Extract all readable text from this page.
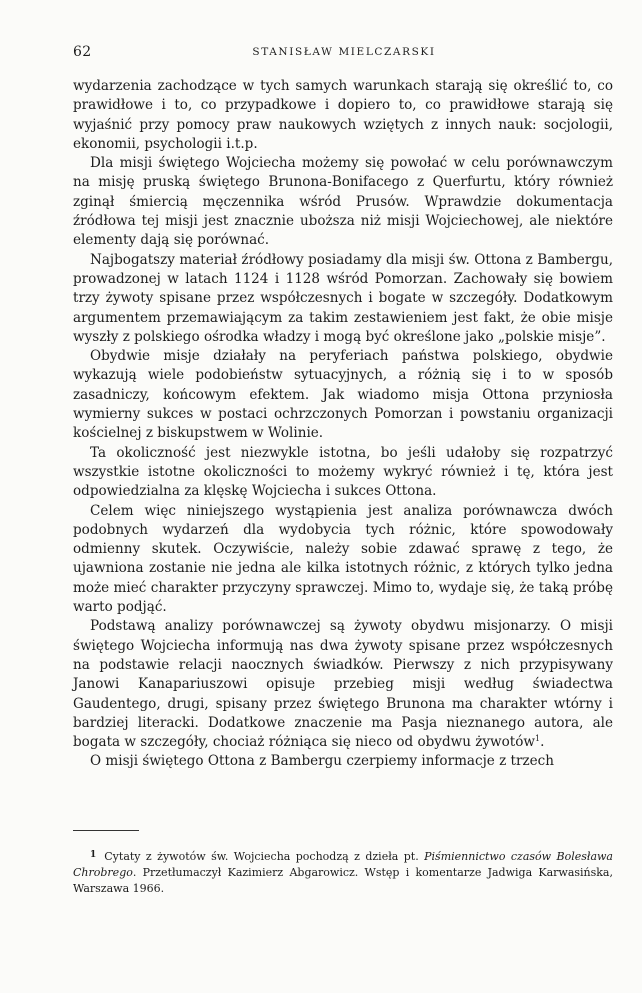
62	STANISŁAW MIELCZARSKI

wydarzenia zachodzące w tych samych warunkach starają się określić to, co prawidłowe i to, co przypadkowe i dopiero to, co prawidłowe starają się wyjaśnić przy pomocy praw naukowych wziętych z innych nauk: socjologii, ekonomii, psychologii i.t.p.

Dla misji świętego Wojciecha możemy się powołać w celu porównawczym na misję pruską świętego Brunona-Bonifacego z Querfurtu, który również zginął śmiercią męczennika wśród Prusów. Wprawdzie dokumentacja źródłowa tej misji jest znacznie uboższa niż misji Wojciechowej, ale niektóre elementy dają się porównać.

Najbogatszy materiał źródłowy posiadamy dla misji św. Ottona z Bambergu, prowadzonej w latach 1124 i 1128 wśród Pomorzan. Zachowały się bowiem trzy żywoty spisane przez współczesnych i bogate w szczegóły. Dodatkowym argumentem przemawiającym za takim zestawieniem jest fakt, że obie misje wyszły z polskiego ośrodka władzy i mogą być określone jako „polskie misje”.

Obydwie misje działały na peryferiach państwa polskiego, obydwie wykazują wiele podobieństw sytuacyjnych, a różnią się i to w sposób zasadniczy, końcowym efektem. Jak wiadomo misja Ottona przyniosła wymierny sukces w postaci ochrzczonych Pomorzan i powstaniu organizacji kościelnej z biskupstwem w Wolinie.

Ta okoliczność jest niezwykle istotna, bo jeśli udałoby się rozpatrzyć wszystkie istotne okoliczności to możemy wykryć również i tę, która jest odpowiedzialna za klęskę Wojciecha i sukces Ottona.

Celem więc niniejszego wystąpienia jest analiza porównawcza dwóch podobnych wydarzeń dla wydobycia tych różnic, które spowodowały odmienny skutek. Oczywiście, należy sobie zdawać sprawę z tego, że ujawniona zostanie nie jedna ale kilka istotnych różnic, z których tylko jedna może mieć charakter przyczyny sprawczej. Mimo to, wydaje się, że taką próbę warto podjąć.

Podstawą analizy porównawczej są żywoty obydwu misjonarzy. O misji świętego Wojciecha informują nas dwa żywoty spisane przez współczesnych na podstawie relacji naocznych świadków. Pierwszy z nich przypisywany Janowi Kanapariuszowi opisuje przebieg misji według świadectwa Gaudentego, drugi, spisany przez świętego Brunona ma charakter wtórny i bardziej literacki. Dodatkowe znaczenie ma Pasja nieznanego autora, ale bogata w szczegóły, chociaż różniąca się nieco od obydwu żywotów$^1$.

O misji świętego Ottona z Bambergu czerpiemy informacje z trzech

$^1$ Cytaty z żywotów św. Wojciecha pochodzą z dzieła pt. Piśmiennictwo czasów Bolesława Chrobrego. Przetłumaczył Kazimierz Abgarowicz. Wstęp i komentarze Jadwiga Karwasińska, Warszawa 1966.
